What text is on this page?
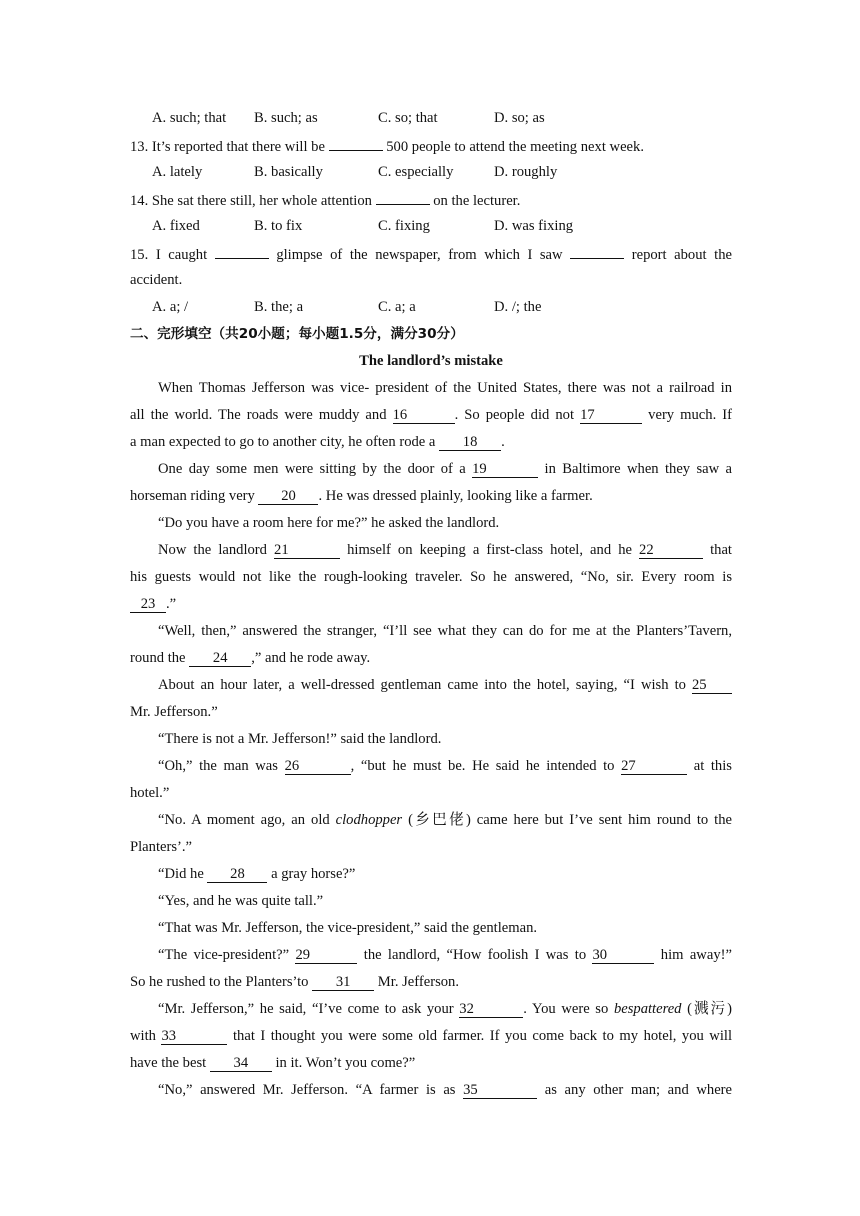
A. such; that B. such; as	C. so; that	D. so; as
13. It’s reported that there will be	500 people to attend the meeting next week.
A. lately	B. basically	C. especially	D. roughly
14. She sat there still, her whole attention	on the lecturer.
A. fixed	B. to fix	C. fixing	D. was fixing
15. I caught	glimpse of the newspaper, from which I saw	report about the
accident.
A. a; /	B. the; a	C. a; a	D. /; the
二、完形填空（共20小题；每小题1.5分，满分30分）
The landlord’s mistake
When Thomas Jefferson was vice- president of the United States, there was not a railroad in
all the world. The roads were muddy and 16	. So people did not 17	very much. If
a man expected to go to another city, he often rode a 18 .
One day some men were sitting by the door of a 19	in Baltimore when they saw a
horseman riding very 20 . He was dressed plainly, looking like a farmer.
“Do you have a room here for me?” he asked the landlord.
Now the landlord 21	himself on keeping a first-class hotel, and he 22	that
his guests would not like the rough-looking traveler. So he answered, “No, sir. Every room is
23 .”
“Well, then,” answered the stranger, “I’ll see what they can do for me at the Planters’Tavern,
round the 24 ,” and he rode away.
About an hour later, a well-dressed gentleman came into the hotel, saying, “I wish to 25
Mr. Jefferson.”
“There is not a Mr. Jefferson!” said the landlord.
“Oh,” the man was 26	, “but he must be. He said he intended to 27	at this
hotel.”
“No. A moment ago, an old clodhopper (乡巴佬) came here but I’ve sent him round to the
Planters’.”
“Did he 28 a gray horse?”
“Yes, and he was quite tall.”
“That was Mr. Jefferson, the vice-president,” said the gentleman.
“The vice-president?” 29	the landlord, “How foolish I was to 30	him away!”
So he rushed to the Planters’to 31 Mr. Jefferson.
“Mr. Jefferson,” he said, “I’ve come to ask your 32	. You were so bespattered (溅污)
with 33	that I thought you were some old farmer. If you come back to my hotel, you will
have the best 34 in it. Won’t you come?”
“No,” answered Mr. Jefferson. “A farmer is as 35	as any other man; and where
